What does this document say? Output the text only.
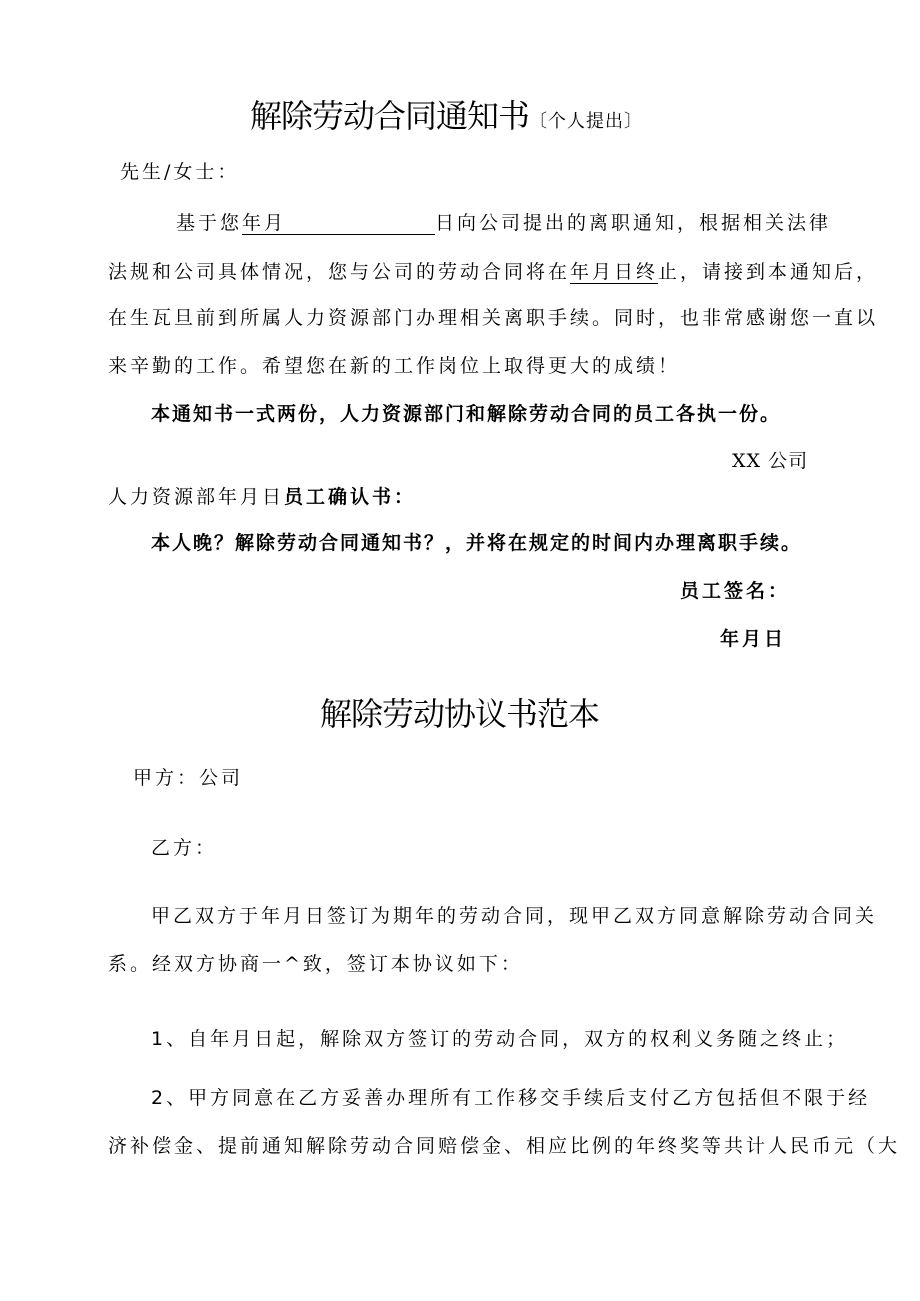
解除劳动合同通知书〔个人提出〕
先生/女士：
基于您年月	日向公司提出的离职通知，根据相关法律
法规和公司具体情况，您与公司的劳动合同将在年月日终止，请接到本通知后，
在生瓦旦前到所属人力资源部门办理相关离职手续。同时，也非常感谢您一直以
来辛勤的工作。希望您在新的工作岗位上取得更大的成绩！
本通知书一式两份，人力资源部门和解除劳动合同的员工各执一份。
XX 公司
人力资源部年月日员工确认书：
本人晚？解除劳动合同通知书？，并将在规定的时间内办理离职手续。
员工签名：
年月日
解除劳动协议书范本
甲方：公司
乙方：
甲乙双方于年月日签订为期年的劳动合同，现甲乙双方同意解除劳动合同关
系。经双方协商一^致，签订本协议如下：
1、自年月日起，解除双方签订的劳动合同，双方的权利义务随之终止；
2、甲方同意在乙方妥善办理所有工作移交手续后支付乙方包括但不限于经
济补偿金、提前通知解除劳动合同赔偿金、相应比例的年终奖等共计人民币元（大
